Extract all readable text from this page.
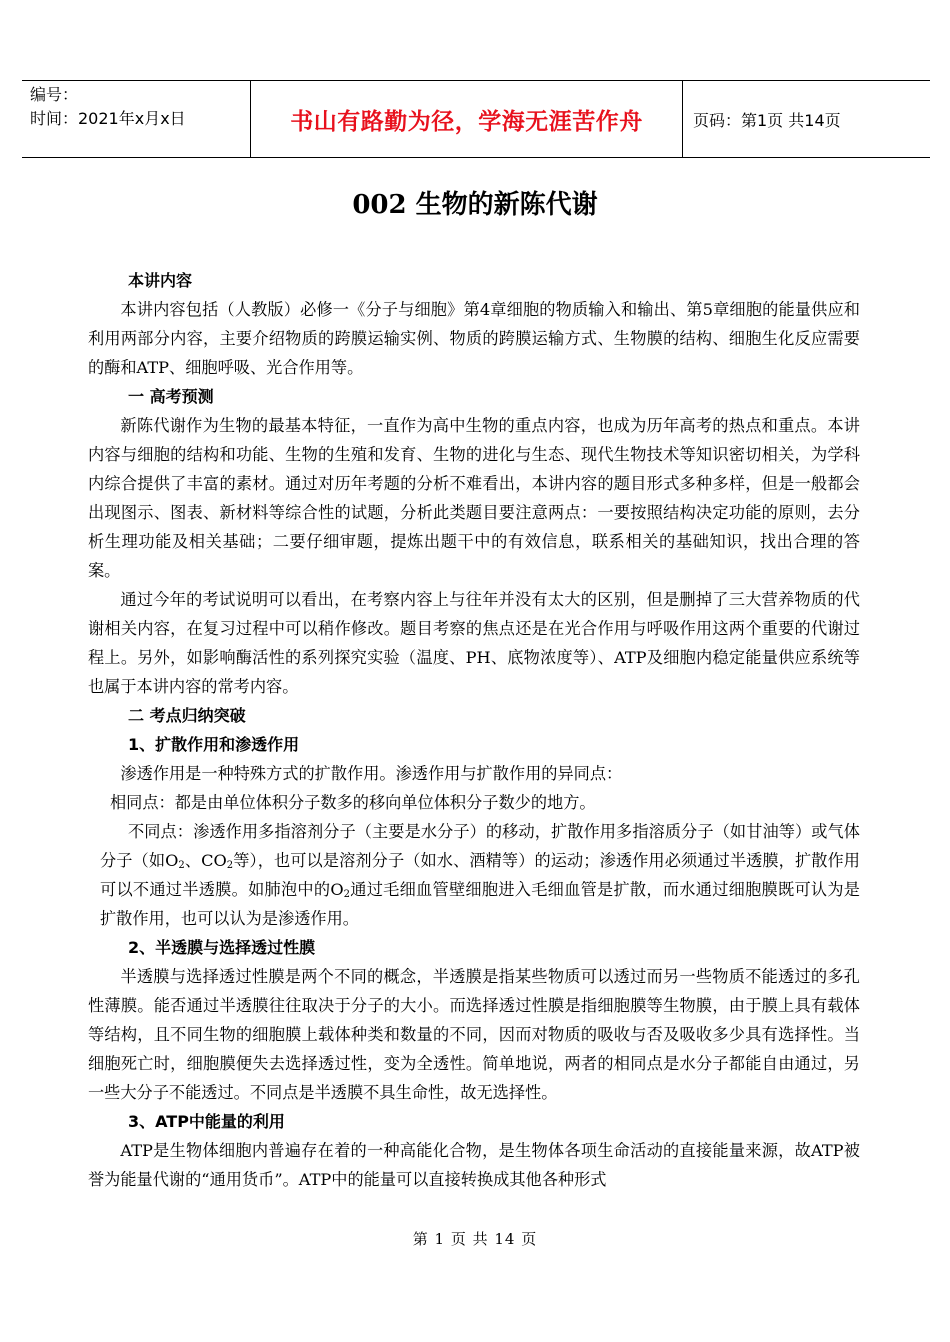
编号：
时间：2021年x月x日	书山有路勤为径，学海无涯苦作舟	页码：第1页 共14页
002 生物的新陈代谢

本讲内容

本讲内容包括（人教版）必修一《分子与细胞》第4章细胞的物质输入和输出、第5章细胞的能量供应和利用两部分内容，主要介绍物质的跨膜运输实例、物质的跨膜运输方式、生物膜的结构、细胞生化反应需要的酶和ATP、细胞呼吸、光合作用等。

一 高考预测

新陈代谢作为生物的最基本特征，一直作为高中生物的重点内容，也成为历年高考的热点和重点。本讲内容与细胞的结构和功能、生物的生殖和发育、生物的进化与生态、现代生物技术等知识密切相关，为学科内综合提供了丰富的素材。通过对历年考题的分析不难看出，本讲内容的题目形式多种多样，但是一般都会出现图示、图表、新材料等综合性的试题，分析此类题目要注意两点：一要按照结构决定功能的原则，去分析生理功能及相关基础；二要仔细审题，提炼出题干中的有效信息，联系相关的基础知识，找出合理的答案。

通过今年的考试说明可以看出，在考察内容上与往年并没有太大的区别，但是删掉了三大营养物质的代谢相关内容，在复习过程中可以稍作修改。题目考察的焦点还是在光合作用与呼吸作用这两个重要的代谢过程上。另外，如影响酶活性的系列探究实验（温度、PH、底物浓度等）、ATP及细胞内稳定能量供应系统等也属于本讲内容的常考内容。

二 考点归纳突破

1、扩散作用和渗透作用

渗透作用是一种特殊方式的扩散作用。渗透作用与扩散作用的异同点：

相同点：都是由单位体积分子数多的移向单位体积分子数少的地方。

不同点：渗透作用多指溶剂分子（主要是水分子）的移动，扩散作用多指溶质分子（如甘油等）或气体分子（如$O_2$、$CO_2$等），也可以是溶剂分子（如水、酒精等）的运动；渗透作用必须通过半透膜，扩散作用可以不通过半透膜。如肺泡中的$O_2$通过毛细血管壁细胞进入毛细血管是扩散，而水通过细胞膜既可认为是扩散作用，也可以认为是渗透作用。

2、半透膜与选择透过性膜

半透膜与选择透过性膜是两个不同的概念，半透膜是指某些物质可以透过而另一些物质不能透过的多孔性薄膜。能否通过半透膜往往取决于分子的大小。而选择透过性膜是指细胞膜等生物膜，由于膜上具有载体等结构，且不同生物的细胞膜上载体种类和数量的不同，因而对物质的吸收与否及吸收多少具有选择性。当细胞死亡时，细胞膜便失去选择透过性，变为全透性。简单地说，两者的相同点是水分子都能自由通过，另一些大分子不能透过。不同点是半透膜不具生命性，故无选择性。

3、ATP中能量的利用

ATP是生物体细胞内普遍存在着的一种高能化合物，是生物体各项生命活动的直接能量来源，故ATP被誉为能量代谢的“通用货币”。ATP中的能量可以直接转换成其他各种形式

第 1 页 共 14 页
